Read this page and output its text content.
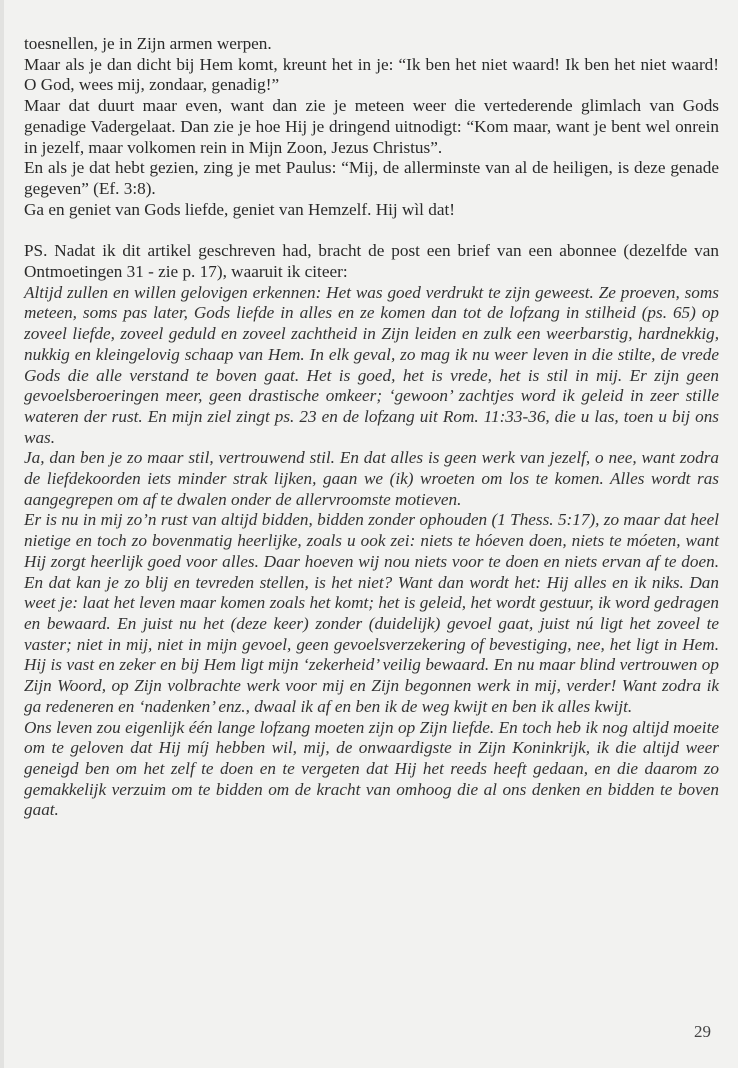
toesnellen, je in Zijn armen werpen.

Maar als je dan dicht bij Hem komt, kreunt het in je: “Ik ben het niet waard! Ik ben het niet waard! O God, wees mij, zondaar, genadig!”

Maar dat duurt maar even, want dan zie je meteen weer die vertederende glimlach van Gods genadige Vadergelaat. Dan zie je hoe Hij je dringend uitnodigt: “Kom maar, want je bent wel onrein in jezelf, maar volkomen rein in Mijn Zoon, Jezus Christus”.

En als je dat hebt gezien, zing je met Paulus: “Mij, de allerminste van al de heiligen, is deze genade gegeven” (Ef. 3:8).

Ga en geniet van Gods liefde, geniet van Hemzelf. Hij wìl dat!

PS. Nadat ik dit artikel geschreven had, bracht de post een brief van een abonnee (dezelfde van Ontmoetingen 31 - zie p. 17), waaruit ik citeer:

Altijd zullen en willen gelovigen erkennen: Het was goed verdrukt te zijn geweest. Ze proeven, soms meteen, soms pas later, Gods liefde in alles en ze komen dan tot de lofzang in stilheid (ps. 65) op zoveel liefde, zoveel geduld en zoveel zachtheid in Zijn leiden en zulk een weerbarstig, hardnekkig, nukkig en kleingelovig schaap van Hem. In elk geval, zo mag ik nu weer leven in die stilte, de vrede Gods die alle verstand te boven gaat. Het is goed, het is vrede, het is stil in mij. Er zijn geen gevoelsberoeringen meer, geen drastische omkeer; ‘gewoon’ zachtjes word ik geleid in zeer stille wateren der rust. En mijn ziel zingt ps. 23 en de lofzang uit Rom. 11:33-36, die u las, toen u bij ons was.

Ja, dan ben je zo maar stil, vertrouwend stil. En dat alles is geen werk van jezelf, o nee, want zodra de liefdekoorden iets minder strak lijken, gaan we (ik) wroeten om los te komen. Alles wordt ras aangegrepen om af te dwalen onder de allervroomste motieven.

Er is nu in mij zo’n rust van altijd bidden, bidden zonder ophouden (1 Thess. 5:17), zo maar dat heel nietige en toch zo bovenmatig heerlijke, zoals u ook zei: niets te hóeven doen, niets te móeten, want Hij zorgt heerlijk goed voor alles. Daar hoeven wij nou niets voor te doen en niets ervan af te doen. En dat kan je zo blij en tevreden stellen, is het niet? Want dan wordt het: Hij alles en ik niks. Dan weet je: laat het leven maar komen zoals het komt; het is geleid, het wordt gestuur, ik word gedragen en bewaard. En juist nu het (deze keer) zonder (duidelijk) gevoel gaat, juist nú ligt het zoveel te vaster; niet in mij, niet in mijn gevoel, geen gevoelsverzekering of bevestiging, nee, het ligt in Hem. Hij is vast en zeker en bij Hem ligt mijn ‘zekerheid’ veilig bewaard. En nu maar blind vertrouwen op Zijn Woord, op Zijn volbrachte werk voor mij en Zijn begonnen werk in mij, verder! Want zodra ik ga redeneren en ‘nadenken’ enz., dwaal ik af en ben ik de weg kwijt en ben ik alles kwijt.

Ons leven zou eigenlijk één lange lofzang moeten zijn op Zijn liefde. En toch heb ik nog altijd moeite om te geloven dat Hij míj hebben wil, mij, de onwaardigste in Zijn Koninkrijk, ik die altijd weer geneigd ben om het zelf te doen en te vergeten dat Hij het reeds heeft gedaan, en die daarom zo gemakkelijk verzuim om te bidden om de kracht van omhoog die al ons denken en bidden te boven gaat.

29
